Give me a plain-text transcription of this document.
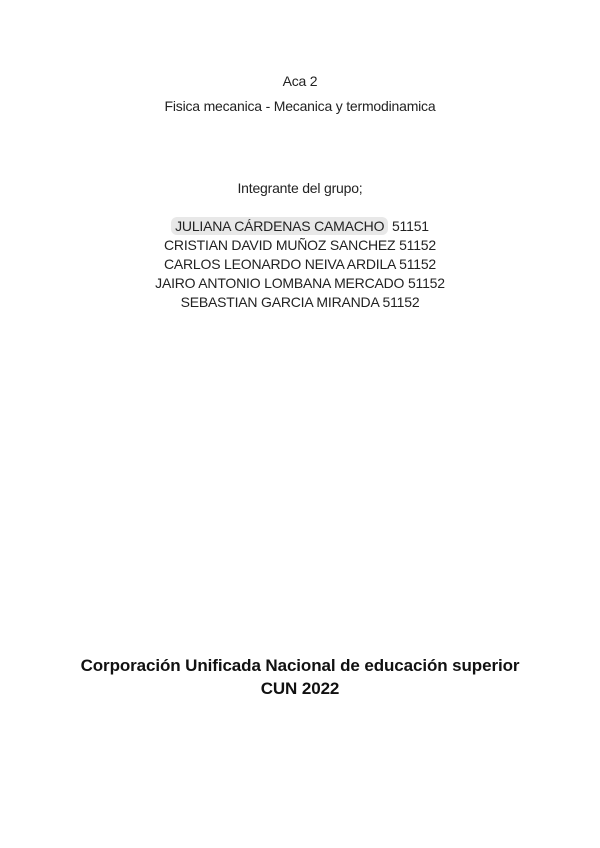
Aca 2
Fisica mecanica - Mecanica y termodinamica
Integrante del grupo;
JULIANA CÁRDENAS CAMACHO 51151
CRISTIAN DAVID MUÑOZ SANCHEZ 51152
CARLOS LEONARDO NEIVA ARDILA 51152
JAIRO ANTONIO LOMBANA MERCADO 51152
SEBASTIAN GARCIA MIRANDA 51152
Corporación Unificada Nacional de educación superior
CUN 2022
